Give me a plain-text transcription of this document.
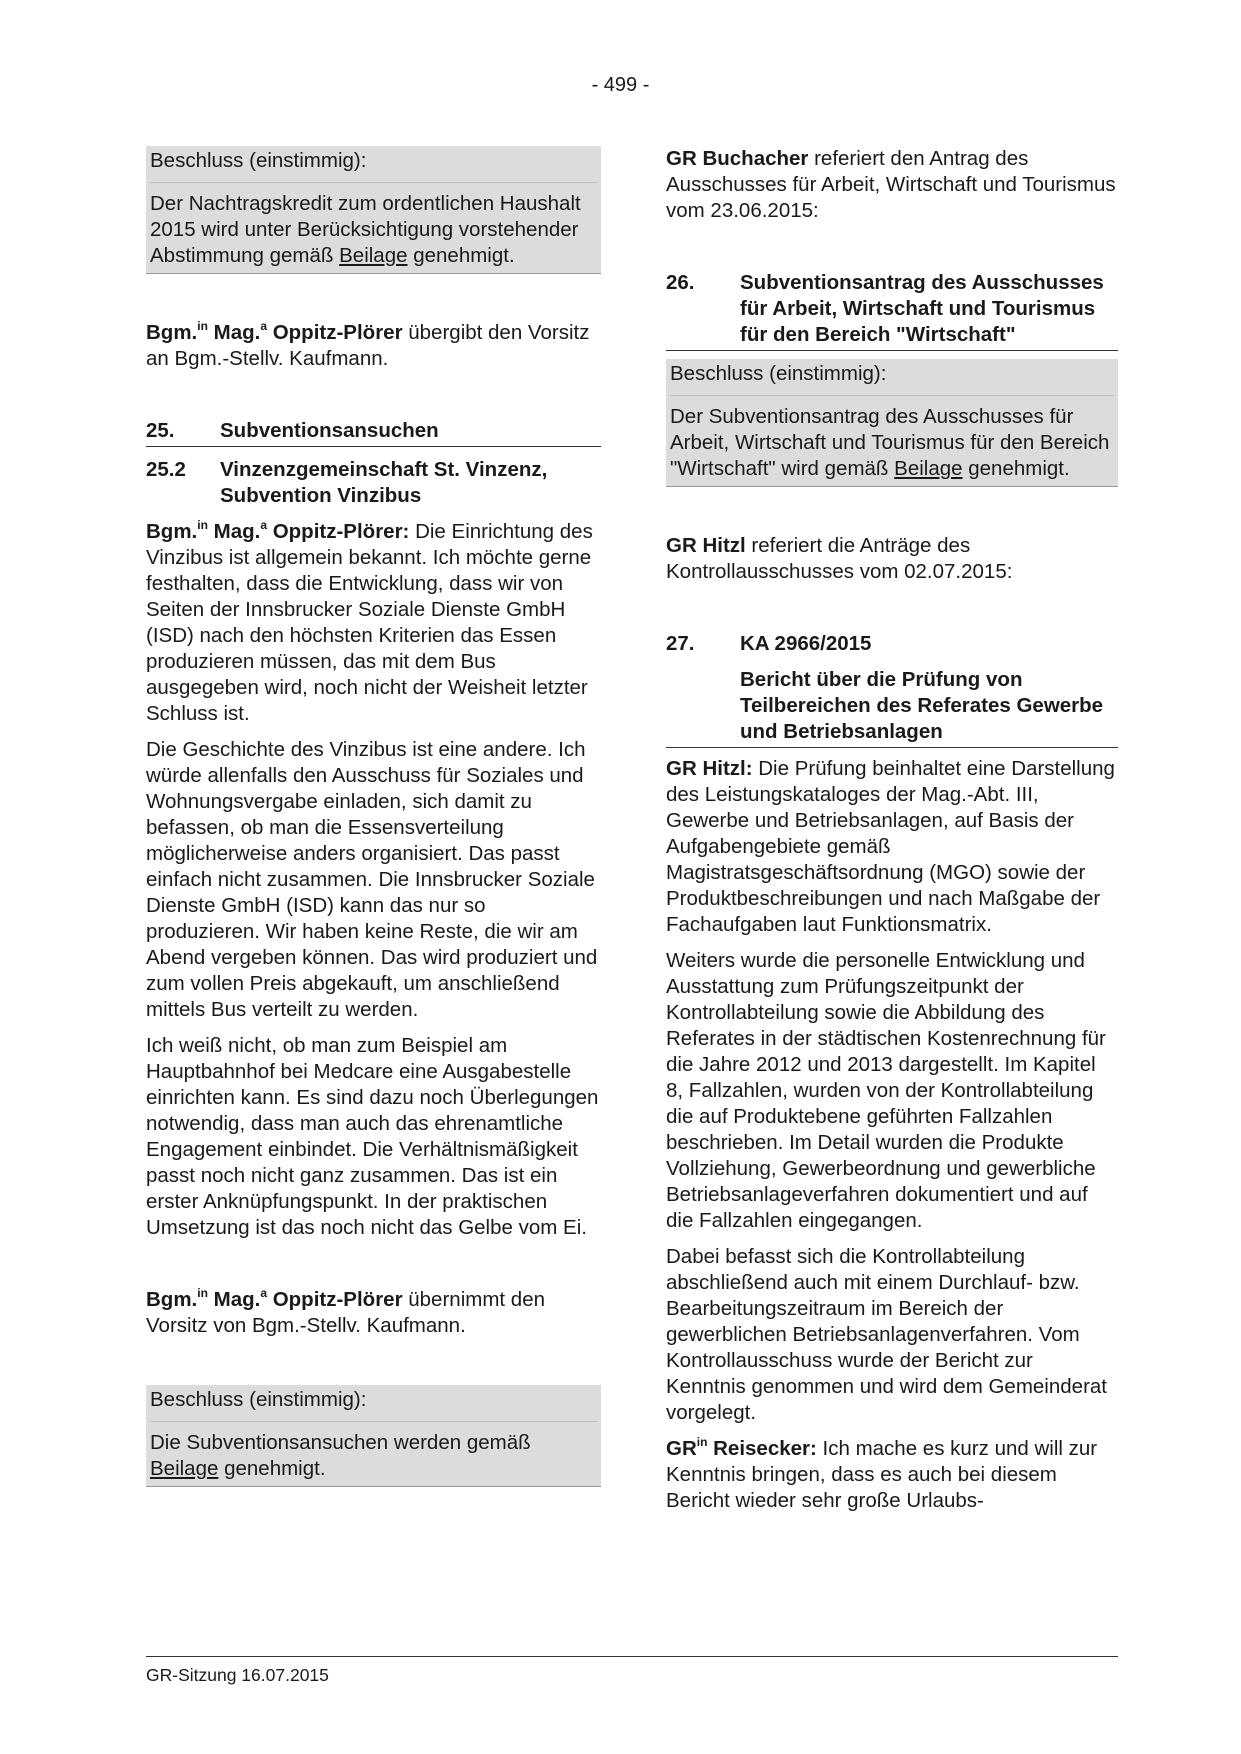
- 499 -
Beschluss (einstimmig):

Der Nachtragskredit zum ordentlichen Haushalt 2015 wird unter Berücksichtigung vorstehender Abstimmung gemäß Beilage genehmigt.

Bgm.$^{in}$ Mag.$^a$ Oppitz-Plörer übergibt den Vorsitz an Bgm.-Stellv. Kaufmann.

25.	Subventionsansuchen
25.2	Vinzenzgemeinschaft St. Vinzenz, Subvention Vinzibus

Bgm.$^{in}$ Mag.$^a$ Oppitz-Plörer: Die Einrichtung des Vinzibus ist allgemein bekannt. Ich möchte gerne festhalten, dass die Entwicklung, dass wir von Seiten der Innsbrucker Soziale Dienste GmbH (ISD) nach den höchsten Kriterien das Essen produzieren müssen, das mit dem Bus ausgegeben wird, noch nicht der Weisheit letzter Schluss ist.

Die Geschichte des Vinzibus ist eine andere. Ich würde allenfalls den Ausschuss für Soziales und Wohnungsvergabe einladen, sich damit zu befassen, ob man die Essensverteilung möglicherweise anders organisiert. Das passt einfach nicht zusammen. Die Innsbrucker Soziale Dienste GmbH (ISD) kann das nur so produzieren. Wir haben keine Reste, die wir am Abend vergeben können. Das wird produziert und zum vollen Preis abgekauft, um anschließend mittels Bus verteilt zu werden.

Ich weiß nicht, ob man zum Beispiel am Hauptbahnhof bei Medcare eine Ausgabestelle einrichten kann. Es sind dazu noch Überlegungen notwendig, dass man auch das ehrenamtliche Engagement einbindet. Die Verhältnismäßigkeit passt noch nicht ganz zusammen. Das ist ein erster Anknüpfungspunkt. In der praktischen Umsetzung ist das noch nicht das Gelbe vom Ei.

Bgm.$^{in}$ Mag.$^a$ Oppitz-Plörer übernimmt den Vorsitz von Bgm.-Stellv. Kaufmann.

Beschluss (einstimmig):

Die Subventionsansuchen werden gemäß Beilage genehmigt.

GR Buchacher referiert den Antrag des Ausschusses für Arbeit, Wirtschaft und Tourismus vom 23.06.2015:

26.	Subventionsantrag des Ausschusses für Arbeit, Wirtschaft und Tourismus für den Bereich "Wirtschaft"
Beschluss (einstimmig):

Der Subventionsantrag des Ausschusses für Arbeit, Wirtschaft und Tourismus für den Bereich "Wirtschaft" wird gemäß Beilage genehmigt.

GR Hitzl referiert die Anträge des Kontrollausschusses vom 02.07.2015:

27.	KA 2966/2015
Bericht über die Prüfung von Teilbereichen des Referates Gewerbe und Betriebsanlagen

GR Hitzl: Die Prüfung beinhaltet eine Darstellung des Leistungskataloges der Mag.-Abt. III, Gewerbe und Betriebsanlagen, auf Basis der Aufgabengebiete gemäß Magistratsgeschäftsordnung (MGO) sowie der Produktbeschreibungen und nach Maßgabe der Fachaufgaben laut Funktionsmatrix.

Weiters wurde die personelle Entwicklung und Ausstattung zum Prüfungszeitpunkt der Kontrollabteilung sowie die Abbildung des Referates in der städtischen Kostenrechnung für die Jahre 2012 und 2013 dargestellt. Im Kapitel 8, Fallzahlen, wurden von der Kontrollabteilung die auf Produktebene geführten Fallzahlen beschrieben. Im Detail wurden die Produkte Vollziehung, Gewerbeordnung und gewerbliche Betriebsanlageverfahren dokumentiert und auf die Fallzahlen eingegangen.

Dabei befasst sich die Kontrollabteilung abschließend auch mit einem Durchlauf- bzw. Bearbeitungszeitraum im Bereich der gewerblichen Betriebsanlagenverfahren. Vom Kontrollausschuss wurde der Bericht zur Kenntnis genommen und wird dem Gemeinderat vorgelegt.

$GR^{in}$ Reisecker: Ich mache es kurz und will zur Kenntnis bringen, dass es auch bei diesem Bericht wieder sehr große Urlaubs-

GR-Sitzung 16.07.2015
